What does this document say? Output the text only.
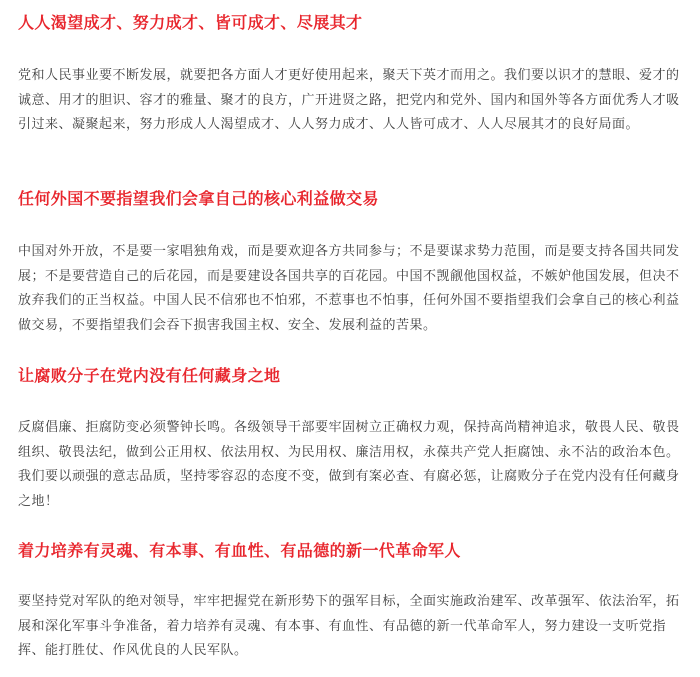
人人渴望成才、努力成才、皆可成才、尽展其才

党和人民事业要不断发展，就要把各方面人才更好使用起来，聚天下英才而用之。我们要以识才的慧眼、爱才的诚意、用才的胆识、容才的雅量、聚才的良方，广开进贤之路，把党内和党外、国内和国外等各方面优秀人才吸引过来、凝聚起来，努力形成人人渴望成才、人人努力成才、人人皆可成才、人人尽展其才的良好局面。

任何外国不要指望我们会拿自己的核心利益做交易

中国对外开放，不是要一家唱独角戏，而是要欢迎各方共同参与；不是要谋求势力范围，而是要支持各国共同发展；不是要营造自己的后花园，而是要建设各国共享的百花园。中国不觊觎他国权益，不嫉妒他国发展，但决不放弃我们的正当权益。中国人民不信邪也不怕邪，不惹事也不怕事，任何外国不要指望我们会拿自己的核心利益做交易，不要指望我们会吞下损害我国主权、安全、发展利益的苦果。

让腐败分子在党内没有任何藏身之地

反腐倡廉、拒腐防变必须警钟长鸣。各级领导干部要牢固树立正确权力观，保持高尚精神追求，敬畏人民、敬畏组织、敬畏法纪，做到公正用权、依法用权、为民用权、廉洁用权，永葆共产党人拒腐蚀、永不沾的政治本色。我们要以顽强的意志品质，坚持零容忍的态度不变，做到有案必查、有腐必惩，让腐败分子在党内没有任何藏身之地！

着力培养有灵魂、有本事、有血性、有品德的新一代革命军人

要坚持党对军队的绝对领导，牢牢把握党在新形势下的强军目标，全面实施政治建军、改革强军、依法治军，拓展和深化军事斗争准备，着力培养有灵魂、有本事、有血性、有品德的新一代革命军人，努力建设一支听党指挥、能打胜仗、作风优良的人民军队。
